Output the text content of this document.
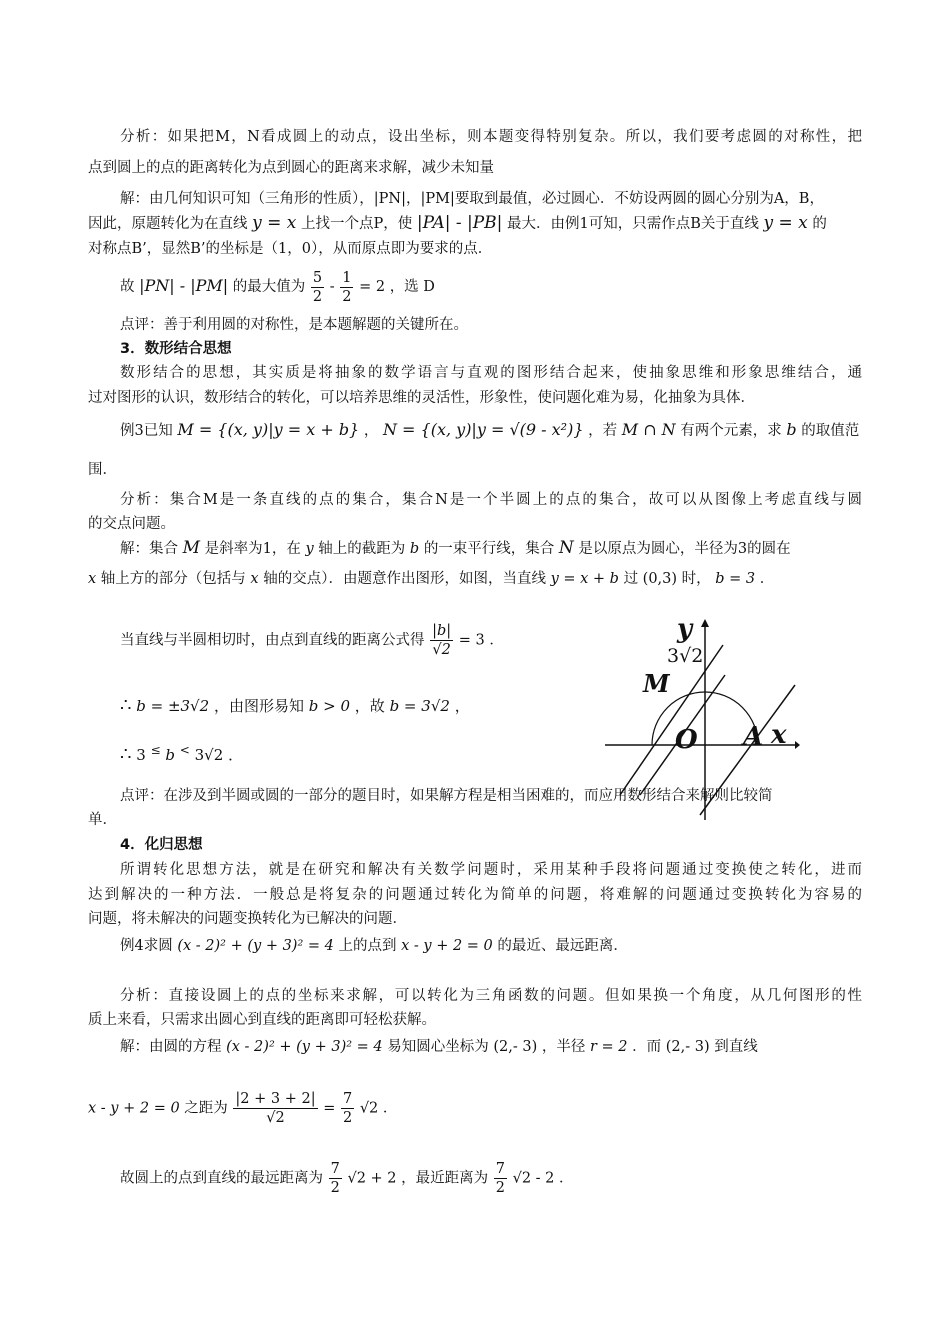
分析：如果把M，N看成圆上的动点，设出坐标，则本题变得特别复杂。所以，我们要考虑圆的对称性，把
点到圆上的点的距离转化为点到圆心的距离来求解，减少未知量
解：由几何知识可知（三角形的性质），|PN|，|PM|要取到最值，必过圆心．不妨设两圆的圆心分别为A，B，
因此，原题转化为在直线 y = x 上找一个点P，使 |PA| - |PB| 最大．由例1可知，只需作点B关于直线 y = x 的
对称点B’，显然B’的坐标是（1，0），从而原点即为要求的点．
故 |PN| - |PM| 的最大值为 $\frac{5}{2} - \frac{1}{2} = 2$ ，选 D
点评：善于利用圆的对称性，是本题解题的关键所在。
3．数形结合思想
数形结合的思想，其实质是将抽象的数学语言与直观的图形结合起来，使抽象思维和形象思维结合，通
过对图形的认识，数形结合的转化，可以培养思维的灵活性，形象性，使问题化难为易，化抽象为具体．
例3已知 M = {(x, y)|y = x + b} ， N = {(x, y)|y = √(9 - x²)} ，若 M ∩ N 有两个元素，求 b 的取值范
围．
分析：集合M是一条直线的点的集合，集合N是一个半圆上的点的集合，故可以从图像上考虑直线与圆
的交点问题。
解：集合 M 是斜率为1，在 y 轴上的截距为 b 的一束平行线，集合 N 是以原点为圆心，半径为3的圆在
x 轴上方的部分（包括与 x 轴的交点）．由题意作出图形，如图，当直线 y = x + b 过 (0,3) 时， b = 3 ．
当直线与半圆相切时，由点到直线的距离公式得 $\frac{|b|}{√2} = 3$ ．
∴ b = ±3√2 ，由图形易知 b > 0 ，故 b = 3√2 ，
∴ 3 ≤ b < 3√2 ．
点评：在涉及到半圆或圆的一部分的题目时，如果解方程是相当困难的，而应用数形结合来解则比较简
单．
4．化归思想
所谓转化思想方法，就是在研究和解决有关数学问题时，采用某种手段将问题通过变换使之转化，进而
达到解决的一种方法．一般总是将复杂的问题通过转化为简单的问题，将难解的问题通过变换转化为容易的
问题，将未解决的问题变换转化为已解决的问题．
例4求圆 (x - 2)² + (y + 3)² = 4 上的点到 x - y + 2 = 0 的最近、最远距离．
分析：直接设圆上的点的坐标来求解，可以转化为三角函数的问题。但如果换一个角度，从几何图形的性
质上来看，只需求出圆心到直线的距离即可轻松获解。
解：由圆的方程 (x - 2)² + (y + 3)² = 4 易知圆心坐标为 (2,- 3) ，半径 r = 2 ．而 (2,- 3) 到直线
x - y + 2 = 0 之距为 $\frac{|2 + 3 + 2|}{√2} = \frac{7}{2} √2$ ．
故圆上的点到直线的最远距离为 $\frac{7}{2} √2 + 2$ ，最近距离为 $\frac{7}{2} √2 - 2$ ．
y
3√2
M
O A x
